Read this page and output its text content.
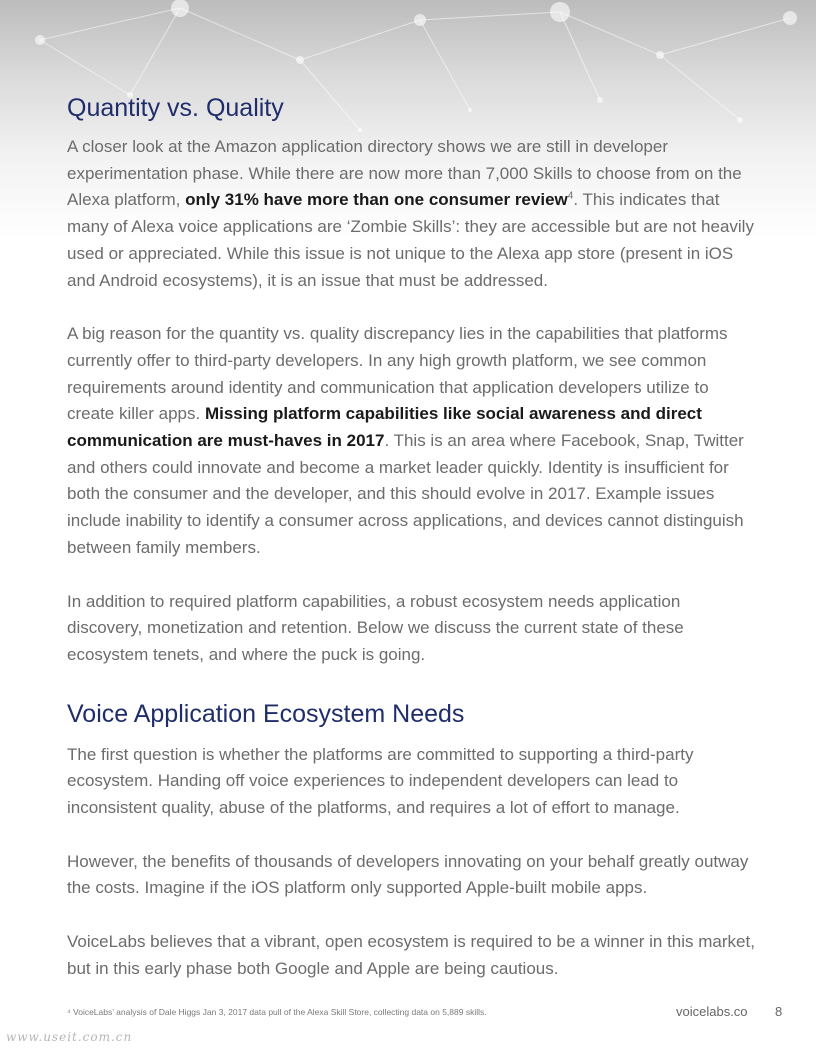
Quantity vs. Quality

A closer look at the Amazon application directory shows we are still in developer experimentation phase. While there are now more than 7,000 Skills to choose from on the Alexa platform, only 31% have more than one consumer review$^4$. This indicates that many of Alexa voice applications are ‘Zombie Skills’: they are accessible but are not heavily used or appreciated. While this issue is not unique to the Alexa app store (present in iOS and Android ecosystems), it is an issue that must be addressed.

A big reason for the quantity vs. quality discrepancy lies in the capabilities that platforms currently offer to third-party developers. In any high growth platform, we see common requirements around identity and communication that application developers utilize to create killer apps. Missing platform capabilities like social awareness and direct communication are must-haves in 2017. This is an area where Facebook, Snap, Twitter and others could innovate and become a market leader quickly. Identity is insufficient for both the consumer and the developer, and this should evolve in 2017. Example issues include inability to identify a consumer across applications, and devices cannot distinguish between family members.

In addition to required platform capabilities, a robust ecosystem needs application discovery, monetization and retention. Below we discuss the current state of these ecosystem tenets, and where the puck is going.

Voice Application Ecosystem Needs

The first question is whether the platforms are committed to supporting a third-party ecosystem. Handing off voice experiences to independent developers can lead to inconsistent quality, abuse of the platforms, and requires a lot of effort to manage.

However, the benefits of thousands of developers innovating on your behalf greatly outway the costs. Imagine if the iOS platform only supported Apple-built mobile apps.

VoiceLabs believes that a vibrant, open ecosystem is required to be a winner in this market, but in this early phase both Google and Apple are being cautious.

⁴ VoiceLabs’ analysis of Dale Higgs Jan 3, 2017 data pull of the Alexa Skill Store, collecting data on 5,889 skills.	voicelabs.co 8
www.useit.com.cn
